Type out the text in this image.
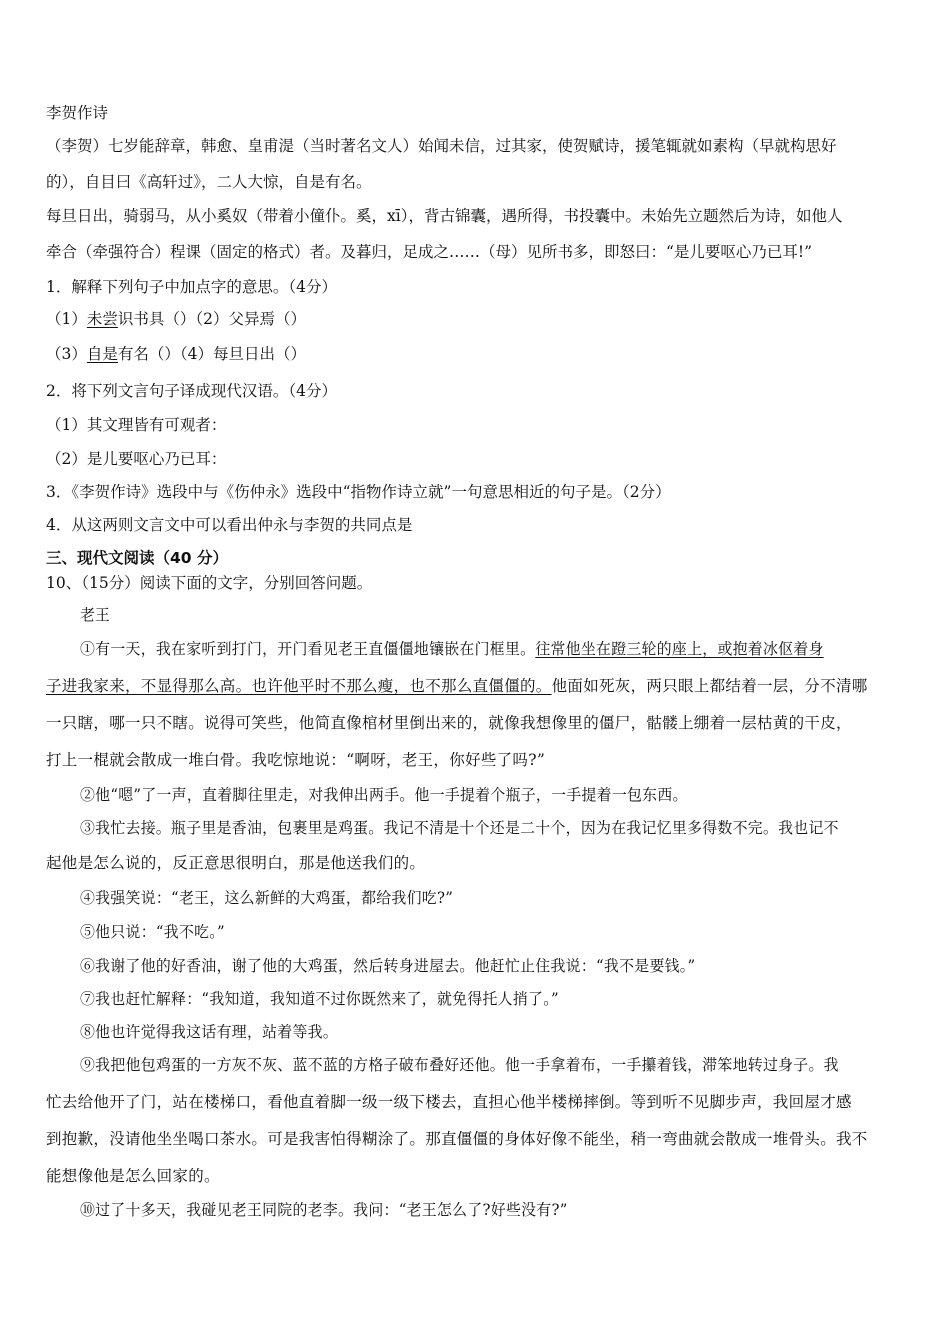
李贺作诗
（李贺）七岁能辞章，韩愈、皇甫湜（当时著名文人）始闻未信，过其家，使贺赋诗，援笔辄就如素构（早就构思好
的），自目曰《高轩过》，二人大惊，自是有名。
每旦日出，骑弱马，从小奚奴（带着小僮仆。奚，xī），背古锦囊，遇所得，书投囊中。未始先立题然后为诗，如他人
牵合（牵强符合）程课（固定的格式）者。及暮归，足成之……（母）见所书多，即怒曰：“是儿要呕心乃已耳!”
1．解释下列句子中加点字的意思。（4分）
（1）未尝识书具（）（2）父异焉（）
（3）自是有名（）（4）每旦日出（）
2．将下列文言句子译成现代汉语。（4分）
（1）其文理皆有可观者：
（2）是儿要呕心乃已耳：
3．《李贺作诗》选段中与《伤仲永》选段中“指物作诗立就”一句意思相近的句子是。（2分）
4．从这两则文言文中可以看出仲永与李贺的共同点是
三、现代文阅读（40 分）
10、（15分）阅读下面的文字，分别回答问题。
老王
①有一天，我在家听到打门，开门看见老王直僵僵地镶嵌在门框里。往常他坐在蹬三轮的座上，或抱着冰伛着身
子进我家来，不显得那么高。也许他平时不那么瘦，也不那么直僵僵的。他面如死灰，两只眼上都结着一层，分不清哪
一只瞎，哪一只不瞎。说得可笑些，他简直像棺材里倒出来的，就像我想像里的僵尸，骷髅上绷着一层枯黄的干皮，
打上一棍就会散成一堆白骨。我吃惊地说：“啊呀，老王，你好些了吗?”
②他“嗯”了一声，直着脚往里走，对我伸出两手。他一手提着个瓶子，一手提着一包东西。
③我忙去接。瓶子里是香油，包裹里是鸡蛋。我记不清是十个还是二十个，因为在我记忆里多得数不完。我也记不
起他是怎么说的，反正意思很明白，那是他送我们的。
④我强笑说：“老王，这么新鲜的大鸡蛋，都给我们吃?”
⑤他只说：“我不吃。”
⑥我谢了他的好香油，谢了他的大鸡蛋，然后转身进屋去。他赶忙止住我说：“我不是要钱。”
⑦我也赶忙解释：“我知道，我知道不过你既然来了，就免得托人捎了。”
⑧他也许觉得我这话有理，站着等我。
⑨我把他包鸡蛋的一方灰不灰、蓝不蓝的方格子破布叠好还他。他一手拿着布，一手攥着钱，滞笨地转过身子。我
忙去给他开了门，站在楼梯口，看他直着脚一级一级下楼去，直担心他半楼梯摔倒。等到听不见脚步声，我回屋才感
到抱歉，没请他坐坐喝口茶水。可是我害怕得糊涂了。那直僵僵的身体好像不能坐，稍一弯曲就会散成一堆骨头。我不
能想像他是怎么回家的。
⑩过了十多天，我碰见老王同院的老李。我问：“老王怎么了?好些没有?”
